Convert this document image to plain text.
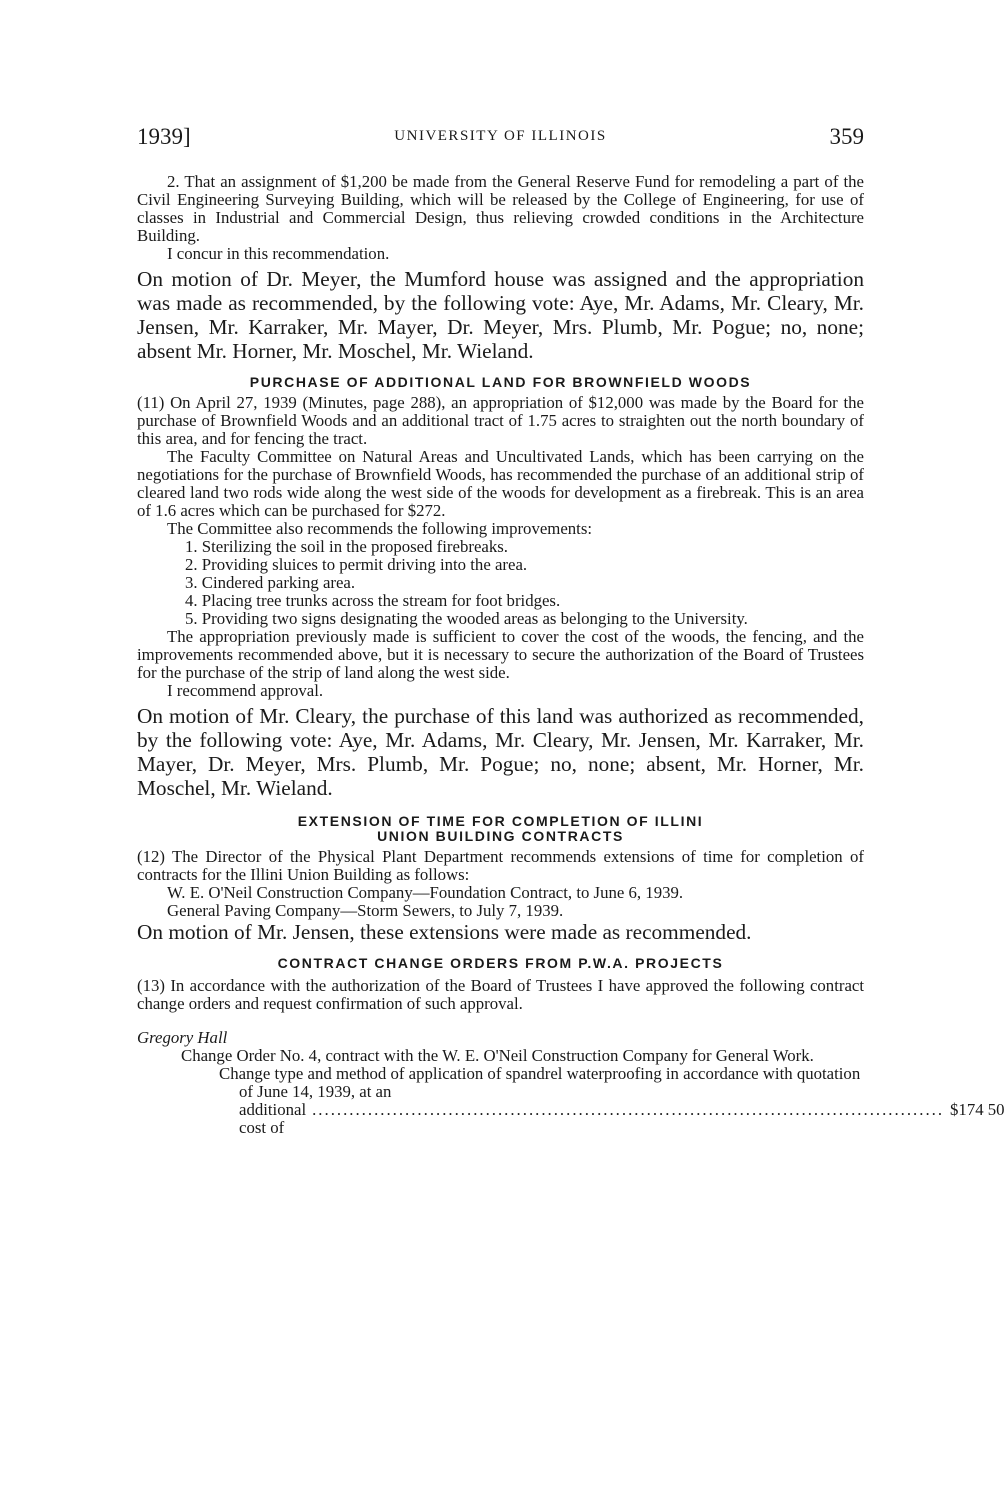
1939]	UNIVERSITY OF ILLINOIS	359

2. That an assignment of $1,200 be made from the General Reserve Fund for remodeling a part of the Civil Engineering Surveying Building, which will be released by the College of Engineering, for use of classes in Industrial and Commercial Design, thus relieving crowded conditions in the Architecture Building.

I concur in this recommendation.

On motion of Dr. Meyer, the Mumford house was assigned and the appropriation was made as recommended, by the following vote: Aye, Mr. Adams, Mr. Cleary, Mr. Jensen, Mr. Karraker, Mr. Mayer, Dr. Meyer, Mrs. Plumb, Mr. Pogue; no, none; absent Mr. Horner, Mr. Moschel, Mr. Wieland.

PURCHASE OF ADDITIONAL LAND FOR BROWNFIELD WOODS

(11) On April 27, 1939 (Minutes, page 288), an appropriation of $12,000 was made by the Board for the purchase of Brownfield Woods and an additional tract of 1.75 acres to straighten out the north boundary of this area, and for fencing the tract.

The Faculty Committee on Natural Areas and Uncultivated Lands, which has been carrying on the negotiations for the purchase of Brownfield Woods, has recommended the purchase of an additional strip of cleared land two rods wide along the west side of the woods for development as a firebreak. This is an area of 1.6 acres which can be purchased for $272.

The Committee also recommends the following improvements:

1. Sterilizing the soil in the proposed firebreaks.
2. Providing sluices to permit driving into the area.
3. Cindered parking area.
4. Placing tree trunks across the stream for foot bridges.
5. Providing two signs designating the wooded areas as belonging to the University.

The appropriation previously made is sufficient to cover the cost of the woods, the fencing, and the improvements recommended above, but it is necessary to secure the authorization of the Board of Trustees for the purchase of the strip of land along the west side.

I recommend approval.

On motion of Mr. Cleary, the purchase of this land was authorized as recommended, by the following vote: Aye, Mr. Adams, Mr. Cleary, Mr. Jensen, Mr. Karraker, Mr. Mayer, Dr. Meyer, Mrs. Plumb, Mr. Pogue; no, none; absent, Mr. Horner, Mr. Moschel, Mr. Wieland.

EXTENSION OF TIME FOR COMPLETION OF ILLINI

UNION BUILDING CONTRACTS

(12) The Director of the Physical Plant Department recommends extensions of time for completion of contracts for the Illini Union Building as follows:

W. E. O'Neil Construction Company—Foundation Contract, to June 6, 1939.

General Paving Company—Storm Sewers, to July 7, 1939.

On motion of Mr. Jensen, these extensions were made as recommended.

CONTRACT CHANGE ORDERS FROM P.W.A. PROJECTS

(13) In accordance with the authorization of the Board of Trustees I have approved the following contract change orders and request confirmation of such approval.

Gregory Hall

Change Order No. 4, contract with the W. E. O'Neil Construction Company for General Work.

Change type and method of application of spandrel waterproofing in accordance with quotation of June 14, 1939, at an

additional cost of
...................................................................................................... $174 50
